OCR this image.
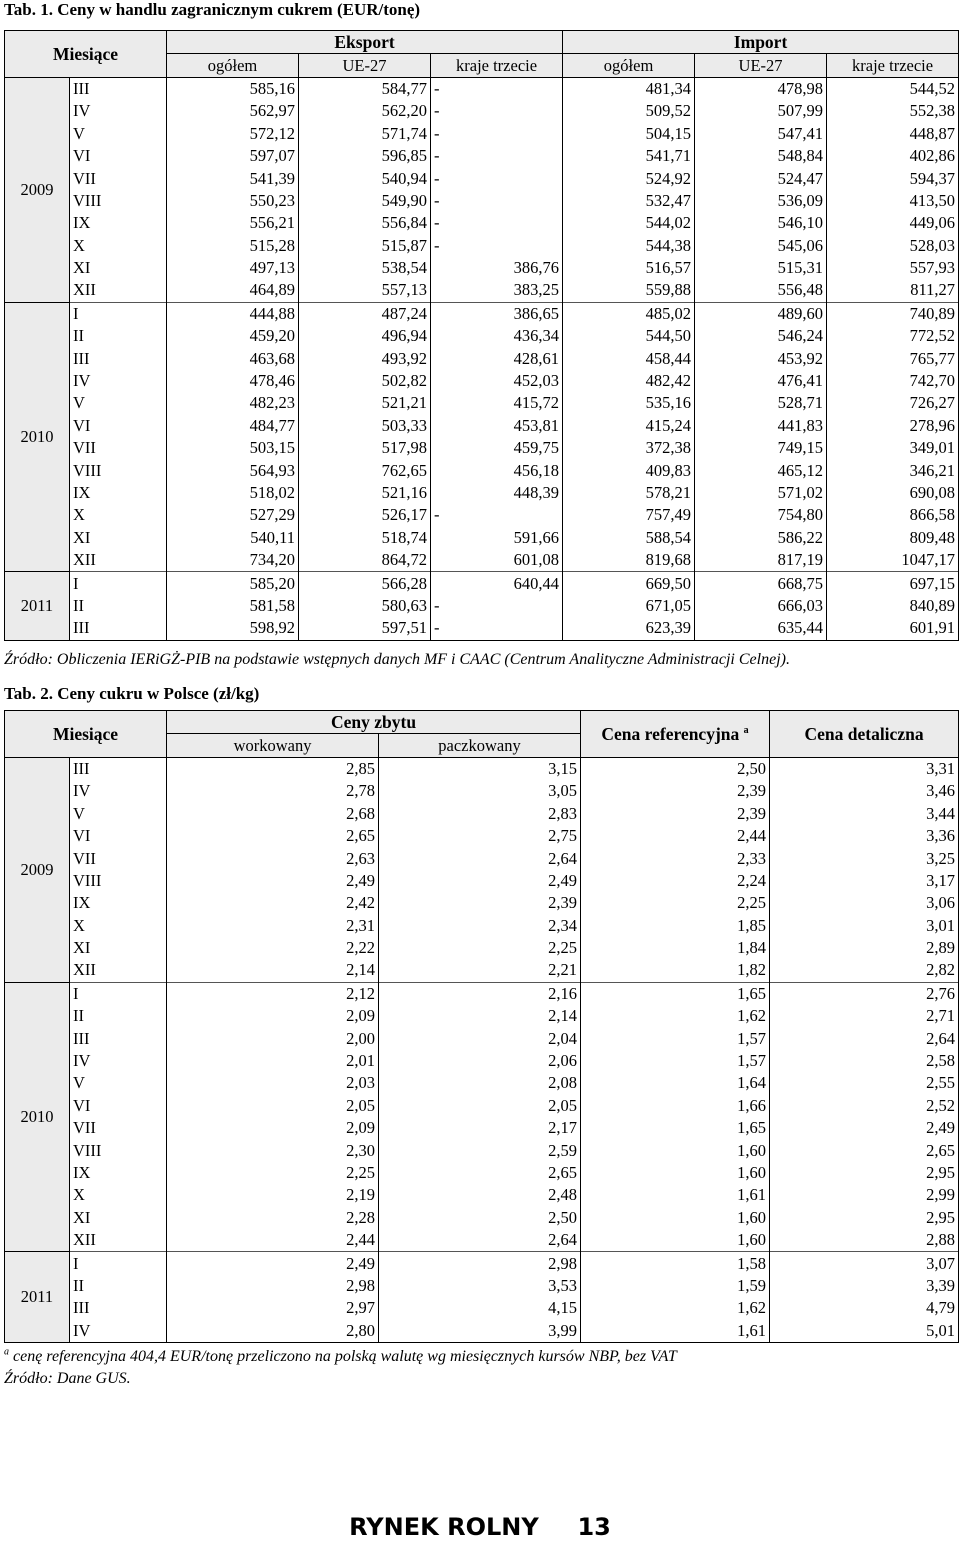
Tab. 1. Ceny w handlu zagranicznym cukrem (EUR/tonę)
Miesiące		Eksport			Import		
		ogółem	UE-27	kraje trzecie	ogółem	UE-27	kraje trzecie
2009	III	585,16	584,77	-	481,34	478,98	544,52
	IV	562,97	562,20	-	509,52	507,99	552,38
	V	572,12	571,74	-	504,15	547,41	448,87
	VI	597,07	596,85	-	541,71	548,84	402,86
	VII	541,39	540,94	-	524,92	524,47	594,37
	VIII	550,23	549,90	-	532,47	536,09	413,50
	IX	556,21	556,84	-	544,02	546,10	449,06
	X	515,28	515,87	-	544,38	545,06	528,03
	XI	497,13	538,54	386,76	516,57	515,31	557,93
	XII	464,89	557,13	383,25	559,88	556,48	811,27
2010	I	444,88	487,24	386,65	485,02	489,60	740,89
	II	459,20	496,94	436,34	544,50	546,24	772,52
	III	463,68	493,92	428,61	458,44	453,92	765,77
	IV	478,46	502,82	452,03	482,42	476,41	742,70
	V	482,23	521,21	415,72	535,16	528,71	726,27
	VI	484,77	503,33	453,81	415,24	441,83	278,96
	VII	503,15	517,98	459,75	372,38	749,15	349,01
	VIII	564,93	762,65	456,18	409,83	465,12	346,21
	IX	518,02	521,16	448,39	578,21	571,02	690,08
	X	527,29	526,17	-	757,49	754,80	866,58
	XI	540,11	518,74	591,66	588,54	586,22	809,48
	XII	734,20	864,72	601,08	819,68	817,19	1047,17
2011	I	585,20	566,28	640,44	669,50	668,75	697,15
	II	581,58	580,63	-	671,05	666,03	840,89
	III	598,92	597,51	-	623,39	635,44	601,91
Źródło: Obliczenia IERiGŻ-PIB na podstawie wstępnych danych MF i CAAC (Centrum Analityczne Administracji Celnej).
Tab. 2. Ceny cukru w Polsce (zł/kg)
Miesiące		Ceny zbytu		Cena referencyjna $^a$	Cena detaliczna
		workowany	paczkowany		
2009	III	2,85	3,15	2,50	3,31
	IV	2,78	3,05	2,39	3,46
	V	2,68	2,83	2,39	3,44
	VI	2,65	2,75	2,44	3,36
	VII	2,63	2,64	2,33	3,25
	VIII	2,49	2,49	2,24	3,17
	IX	2,42	2,39	2,25	3,06
	X	2,31	2,34	1,85	3,01
	XI	2,22	2,25	1,84	2,89
	XII	2,14	2,21	1,82	2,82
2010	I	2,12	2,16	1,65	2,76
	II	2,09	2,14	1,62	2,71
	III	2,00	2,04	1,57	2,64
	IV	2,01	2,06	1,57	2,58
	V	2,03	2,08	1,64	2,55
	VI	2,05	2,05	1,66	2,52
	VII	2,09	2,17	1,65	2,49
	VIII	2,30	2,59	1,60	2,65
	IX	2,25	2,65	1,60	2,95
	X	2,19	2,48	1,61	2,99
	XI	2,28	2,50	1,60	2,95
	XII	2,44	2,64	1,60	2,88
2011	I	2,49	2,98	1,58	3,07
	II	2,98	3,53	1,59	3,39
	III	2,97	4,15	1,62	4,79
	IV	2,80	3,99	1,61	5,01
$^a$ cenę referencyjna 404,4 EUR/tonę przeliczono na polską walutę wg miesięcznych kursów NBP, bez VAT
Źródło: Dane GUS.
RYNEK ROLNY 13
